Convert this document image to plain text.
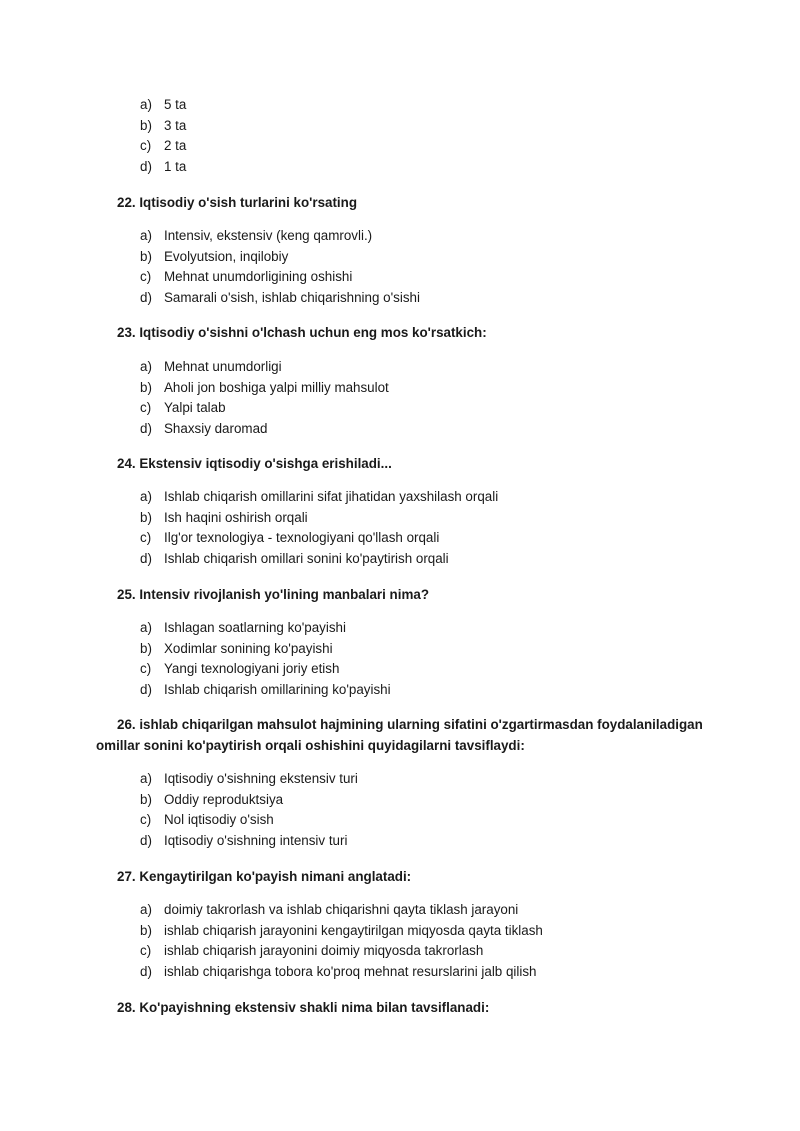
a) 5 ta
b) 3 ta
c) 2 ta
d) 1 ta
22. Iqtisodiy o'sish turlarini ko'rsating
a) Intensiv, ekstensiv (keng qamrovli.)
b) Evolyutsion, inqilobiy
c) Mehnat unumdorligining oshishi
d) Samarali o'sish, ishlab chiqarishning o'sishi
23. Iqtisodiy o'sishni o'lchash uchun eng mos ko'rsatkich:
a) Mehnat unumdorligi
b) Aholi jon boshiga yalpi milliy mahsulot
c) Yalpi talab
d) Shaxsiy daromad
24. Ekstensiv iqtisodiy o'sishga erishiladi...
a) Ishlab chiqarish omillarini sifat jihatidan yaxshilash orqali
b) Ish haqini oshirish orqali
c) Ilg'or texnologiya - texnologiyani qo'llash orqali
d) Ishlab chiqarish omillari sonini ko'paytirish orqali
25. Intensiv rivojlanish yo'lining manbalari nima?
a) Ishlagan soatlarning ko'payishi
b) Xodimlar sonining ko'payishi
c) Yangi texnologiyani joriy etish
d) Ishlab chiqarish omillarining ko'payishi
26. ishlab chiqarilgan mahsulot hajmining ularning sifatini o'zgartirmasdan foydalaniladigan
omillar sonini ko'paytirish orqali oshishini quyidagilarni tavsiflaydi:
a) Iqtisodiy o'sishning ekstensiv turi
b) Oddiy reproduktsiya
c) Nol iqtisodiy o'sish
d) Iqtisodiy o'sishning intensiv turi
27. Kengaytirilgan ko'payish nimani anglatadi:
a) doimiy takrorlash va ishlab chiqarishni qayta tiklash jarayoni
b) ishlab chiqarish jarayonini kengaytirilgan miqyosda qayta tiklash
c) ishlab chiqarish jarayonini doimiy miqyosda takrorlash
d) ishlab chiqarishga tobora ko'proq mehnat resurslarini jalb qilish
28. Ko'payishning ekstensiv shakli nima bilan tavsiflanadi:
